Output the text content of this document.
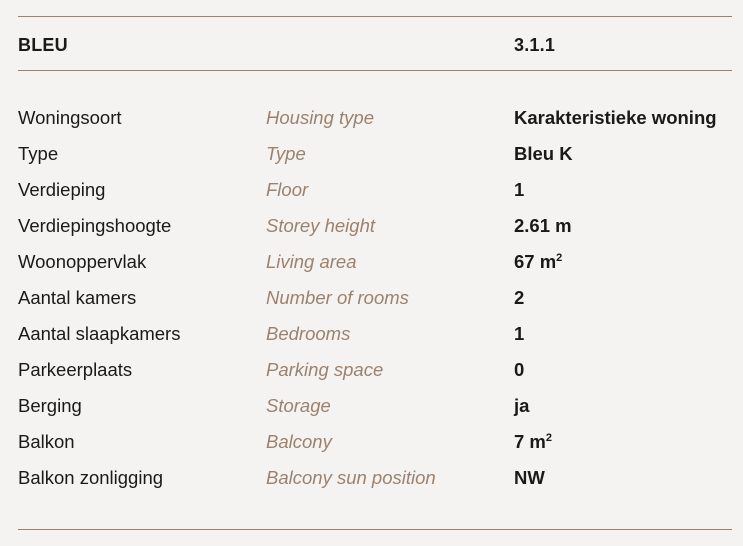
BLEU	3.1.1
Woningsoort	Housing type	Karakteristieke woning
Type	Type	Bleu K
Verdieping	Floor	1
Verdiepingshoogte	Storey height	2.61 m
Woonoppervlak	Living area	67 $m^2$
Aantal kamers	Number of rooms	2
Aantal slaapkamers	Bedrooms	1
Parkeerplaats	Parking space	0
Berging	Storage	ja
Balkon	Balcony	7 $m^2$
Balkon zonligging	Balcony sun position	NW
